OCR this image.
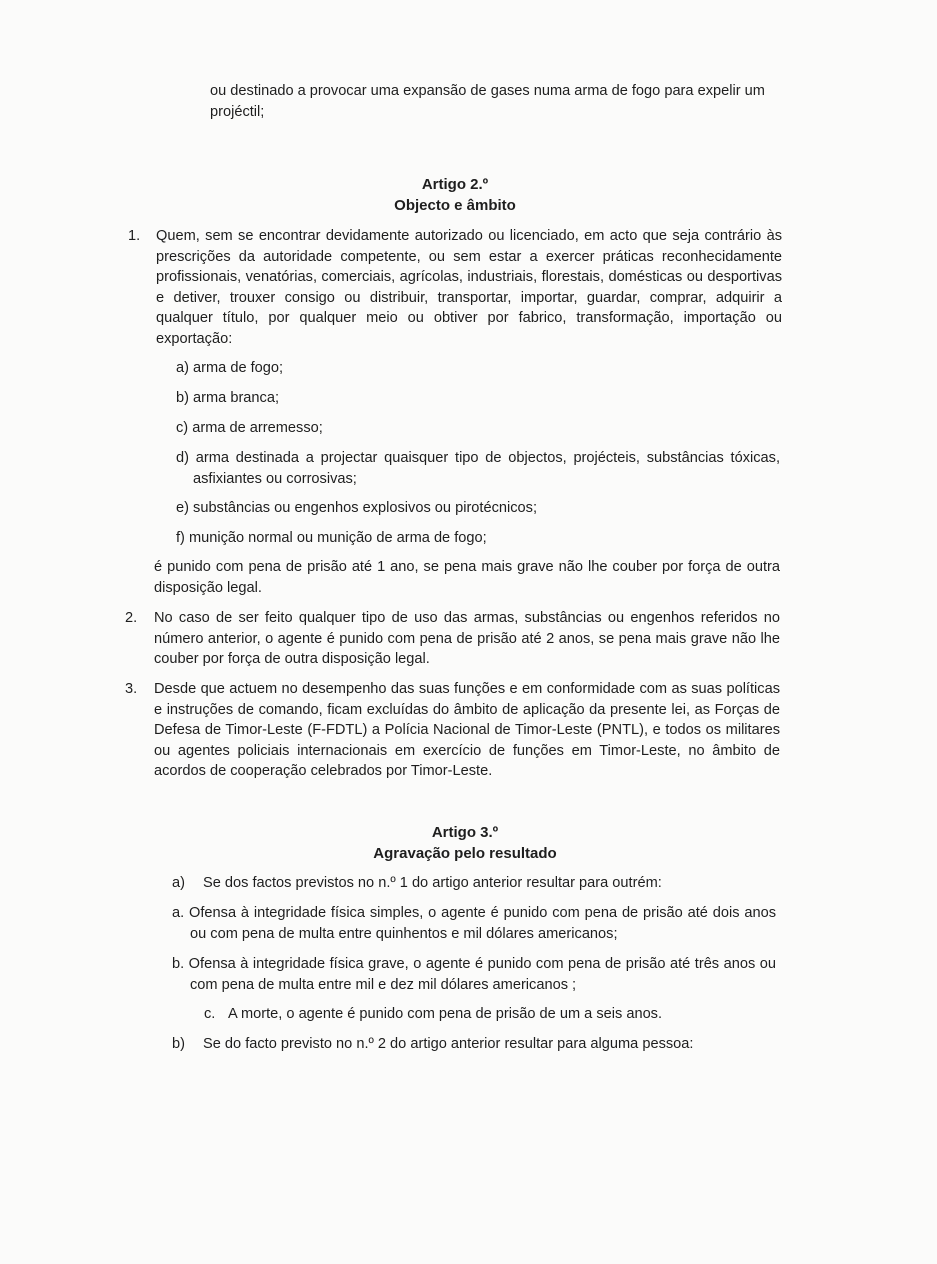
ou destinado a provocar uma expansão de gases numa arma de fogo para expelir um projéctil;
Artigo 2.º
Objecto e âmbito
1. Quem, sem se encontrar devidamente autorizado ou licenciado, em acto que seja contrário às prescrições da autoridade competente, ou sem estar a exercer práticas reconhecidamente profissionais, venatórias, comerciais, agrícolas, industriais, florestais, domésticas ou desportivas e detiver, trouxer consigo ou distribuir, transportar, importar, guardar, comprar, adquirir a qualquer título, por qualquer meio ou obtiver por fabrico, transformação, importação ou exportação:
a) arma de fogo;
b) arma branca;
c) arma de arremesso;
d) arma destinada a projectar quaisquer tipo de objectos, projécteis, substâncias tóxicas, asfixiantes ou corrosivas;
e) substâncias ou engenhos explosivos ou pirotécnicos;
f) munição normal ou munição de arma de fogo;
é punido com pena de prisão até 1 ano, se pena mais grave não lhe couber por força de outra disposição legal.
2. No caso de ser feito qualquer tipo de uso das armas, substâncias ou engenhos referidos no número anterior, o agente é punido com pena de prisão até 2 anos, se pena mais grave não lhe couber por força de outra disposição legal.
3. Desde que actuem no desempenho das suas funções e em conformidade com as suas políticas e instruções de comando, ficam excluídas do âmbito de aplicação da presente lei, as Forças de Defesa de Timor-Leste (F-FDTL) a Polícia Nacional de Timor-Leste (PNTL), e todos os militares ou agentes policiais internacionais em exercício de funções em Timor-Leste, no âmbito de acordos de cooperação celebrados por Timor-Leste.
Artigo 3.º
Agravação pelo resultado
a) Se dos factos previstos no n.º 1 do artigo anterior resultar para outrém:
a. Ofensa à integridade física simples, o agente é punido com pena de prisão até dois anos ou com pena de multa entre quinhentos e mil dólares americanos;
b. Ofensa à integridade física grave, o agente é punido com pena de prisão até três anos ou com pena de multa entre mil e dez mil dólares americanos ;
c. A morte, o agente é punido com pena de prisão de um a seis anos.
b) Se do facto previsto no n.º 2 do artigo anterior resultar para alguma pessoa:
